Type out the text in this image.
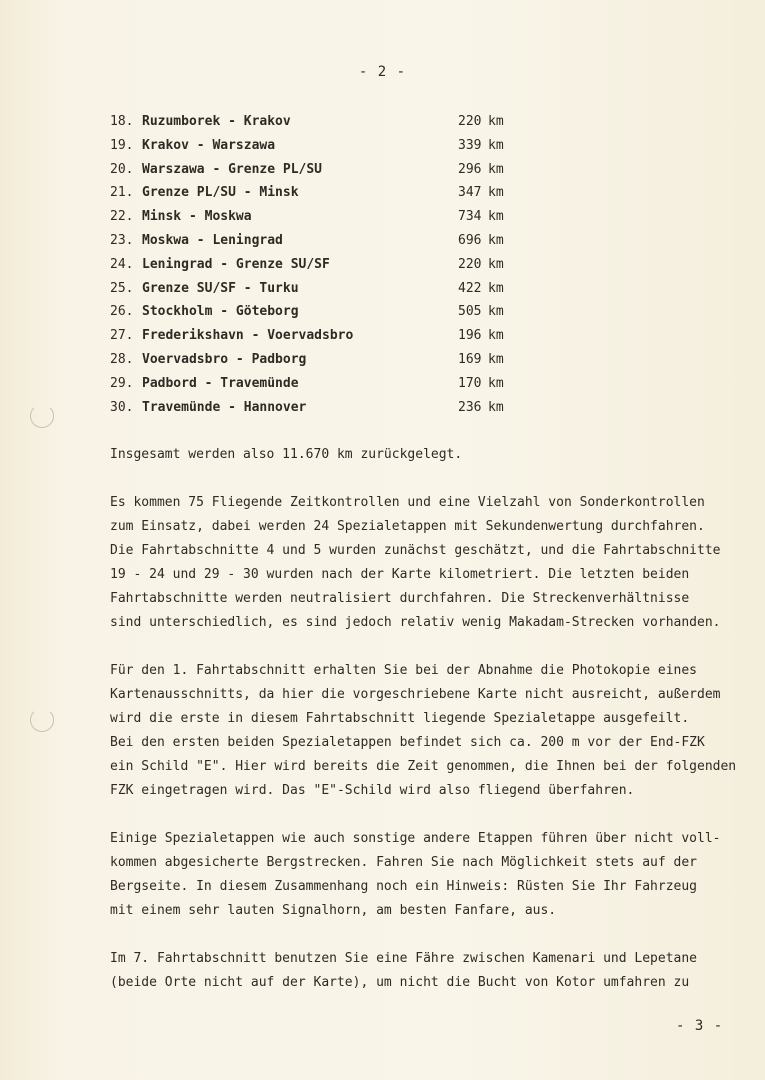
- 2 -
18. Ruzumborek - Krakov	220 km
19. Krakov - Warszawa	339 km
20. Warszawa - Grenze PL/SU	296 km
21. Grenze PL/SU - Minsk	347 km
22. Minsk - Moskwa	734 km
23. Moskwa - Leningrad	696 km
24. Leningrad - Grenze SU/SF	220 km
25. Grenze SU/SF - Turku	422 km
26. Stockholm - Göteborg	505 km
27. Frederikshavn - Voervadsbro	196 km
28. Voervadsbro - Padborg	169 km
29. Padbord - Travemünde	170 km
30. Travemünde - Hannover	236 km
Insgesamt werden also 11.670 km zurückgelegt.
Es kommen 75 Fliegende Zeitkontrollen und eine Vielzahl von Sonderkontrollen
zum Einsatz, dabei werden 24 Spezialetappen mit Sekundenwertung durchfahren.
Die Fahrtabschnitte 4 und 5 wurden zunächst geschätzt, und die Fahrtabschnitte
19 - 24 und 29 - 30 wurden nach der Karte kilometriert. Die letzten beiden
Fahrtabschnitte werden neutralisiert durchfahren. Die Streckenverhältnisse
sind unterschiedlich, es sind jedoch relativ wenig Makadam-Strecken vorhanden.
Für den 1. Fahrtabschnitt erhalten Sie bei der Abnahme die Photokopie eines
Kartenausschnitts, da hier die vorgeschriebene Karte nicht ausreicht, außerdem
wird die erste in diesem Fahrtabschnitt liegende Spezialetappe ausgefeilt.
Bei den ersten beiden Spezialetappen befindet sich ca. 200 m vor der End-FZK
ein Schild "E". Hier wird bereits die Zeit genommen, die Ihnen bei der folgenden
FZK eingetragen wird. Das "E"-Schild wird also fliegend überfahren.
Einige Spezialetappen wie auch sonstige andere Etappen führen über nicht voll-
kommen abgesicherte Bergstrecken. Fahren Sie nach Möglichkeit stets auf der
Bergseite. In diesem Zusammenhang noch ein Hinweis: Rüsten Sie Ihr Fahrzeug
mit einem sehr lauten Signalhorn, am besten Fanfare, aus.
Im 7. Fahrtabschnitt benutzen Sie eine Fähre zwischen Kamenari und Lepetane
(beide Orte nicht auf der Karte), um nicht die Bucht von Kotor umfahren zu
- 3 -
